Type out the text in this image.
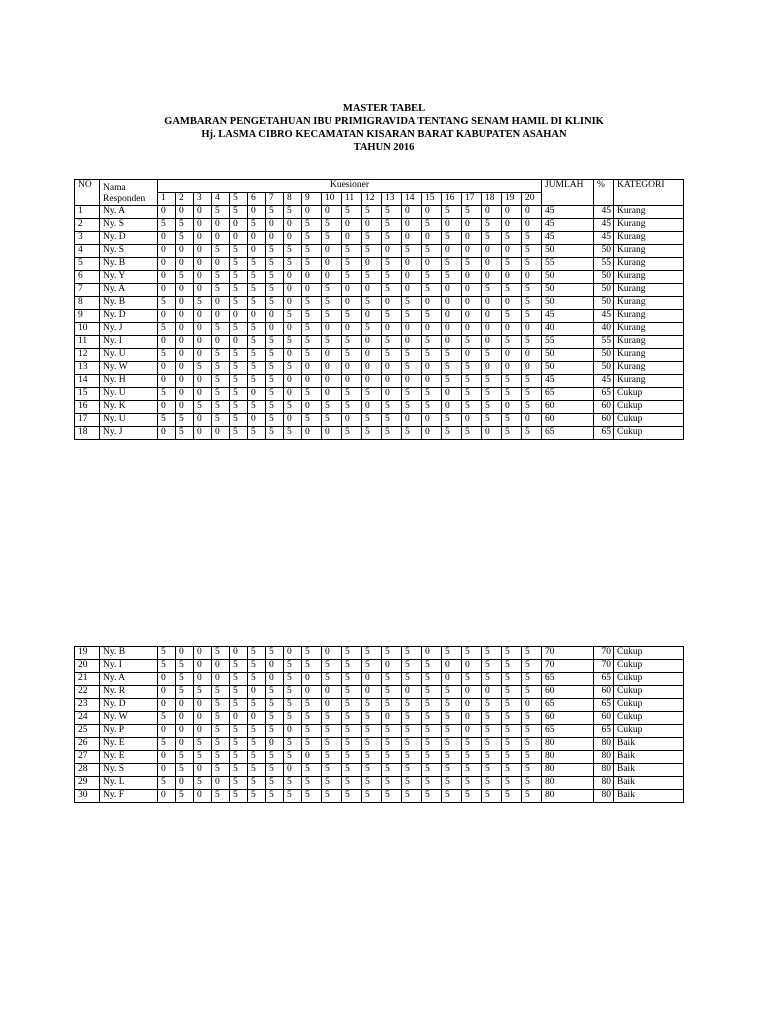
MASTER TABEL
GAMBARAN PENGETAHUAN IBU PRIMIGRAVIDA TENTANG SENAM HAMIL DI KLINIK
Hj. LASMA CIBRO KECAMATAN KISARAN BARAT KABUPATEN ASAHAN
TAHUN 2016
NO	Nama Responden	Kuesioner																				JUMLAH	%	KATEGORI
		1	2	3	4	5	6	7	8	9	10	11	12	13	14	15	16	17	18	19	20			
1	Ny. A	0	0	0	5	5	0	5	5	0	0	5	5	5	0	0	5	5	0	0	0	45	45	Kurang
2	Ny. S	5	5	0	0	0	5	0	0	5	5	0	0	5	0	5	0	0	5	0	0	45	45	Kurang
3	Ny. D	0	5	0	0	0	0	0	0	5	5	0	5	5	0	0	5	0	5	5	5	45	45	Kurang
4	Ny. S	0	0	0	5	5	0	5	5	5	0	5	5	0	5	5	0	0	0	0	5	50	50	Kurang
5	Ny. B	0	0	0	0	5	5	5	5	5	0	5	0	5	0	0	5	5	0	5	5	55	55	Kurang
6	Ny. Y	0	5	0	5	5	5	5	0	0	0	5	5	5	0	5	5	0	0	0	0	50	50	Kurang
7	Ny. A	0	0	0	5	5	5	5	0	0	5	0	0	5	0	5	0	0	5	5	5	50	50	Kurang
8	Ny. B	5	0	5	0	5	5	5	0	5	5	0	5	0	5	0	0	0	0	0	5	50	50	Kurang
9	Ny. D	0	0	0	0	0	0	0	5	5	5	5	0	5	5	5	0	0	0	5	5	45	45	Kurang
10	Ny. J	5	0	0	5	5	5	0	0	5	0	0	5	0	0	0	0	0	0	0	0	40	40	Kurang
11	Ny. I	0	0	0	0	0	5	5	5	5	5	5	0	5	0	5	0	5	0	5	5	55	55	Kurang
12	Ny. U	5	0	0	5	5	5	5	0	5	0	5	0	5	5	5	5	0	5	0	0	50	50	Kurang
13	Ny. W	0	0	5	5	5	5	5	5	0	0	0	0	0	5	0	5	5	0	0	0	50	50	Kurang
14	Ny. H	0	0	0	5	5	5	5	0	0	0	0	0	0	0	0	5	5	5	5	5	45	45	Kurang
15	Ny. U	5	0	0	5	5	0	5	0	5	0	5	5	0	5	5	0	5	5	5	5	65	65	Cukup
16	Ny. K	0	0	5	5	5	5	5	5	0	5	5	0	5	5	5	0	5	5	0	5	60	60	Cukup
17	Ny. U	5	5	0	5	5	0	5	0	5	5	0	5	5	0	0	5	0	5	5	0	60	60	Cukup
18	Ny. J	0	5	0	0	5	5	5	5	0	0	5	5	5	5	0	5	5	0	5	5	65	65	Cukup
19	Ny. B	5	0	0	5	0	5	5	0	5	0	5	5	5	5	0	5	5	5	5	5	70	70	Cukup
20	Ny. I	5	5	0	0	5	5	0	5	5	5	5	5	0	5	5	0	0	5	5	5	70	70	Cukup
21	Ny. A	0	5	0	0	5	5	0	5	0	5	5	0	5	5	5	0	5	5	5	5	65	65	Cukup
22	Ny. R	0	5	5	5	5	0	5	5	0	0	5	0	5	0	5	5	0	0	5	5	60	60	Cukup
23	Ny. D	0	0	0	5	5	5	5	5	5	0	5	5	5	5	5	5	0	5	5	0	65	65	Cukup
24	Ny. W	5	0	0	5	0	0	5	5	5	5	5	5	0	5	5	5	0	5	5	5	60	60	Cukup
25	Ny. P	0	0	0	5	5	5	5	0	5	5	5	5	5	5	5	5	0	5	5	5	65	65	Cukup
26	Ny. E	5	0	5	5	5	5	0	5	5	5	5	5	5	5	5	5	5	5	5	5	80	80	Baik
27	Ny. E	0	5	5	5	5	5	5	5	0	5	5	5	5	5	5	5	5	5	5	5	80	80	Baik
28	Ny. S	0	5	0	5	5	5	5	0	5	5	5	5	5	5	5	5	5	5	5	5	80	80	Baik
29	Ny. L	5	0	5	0	5	5	5	5	5	5	5	5	5	5	5	5	5	5	5	5	80	80	Baik
30	Ny. F	0	5	0	5	5	5	5	5	5	5	5	5	5	5	5	5	5	5	5	5	80	80	Baik
